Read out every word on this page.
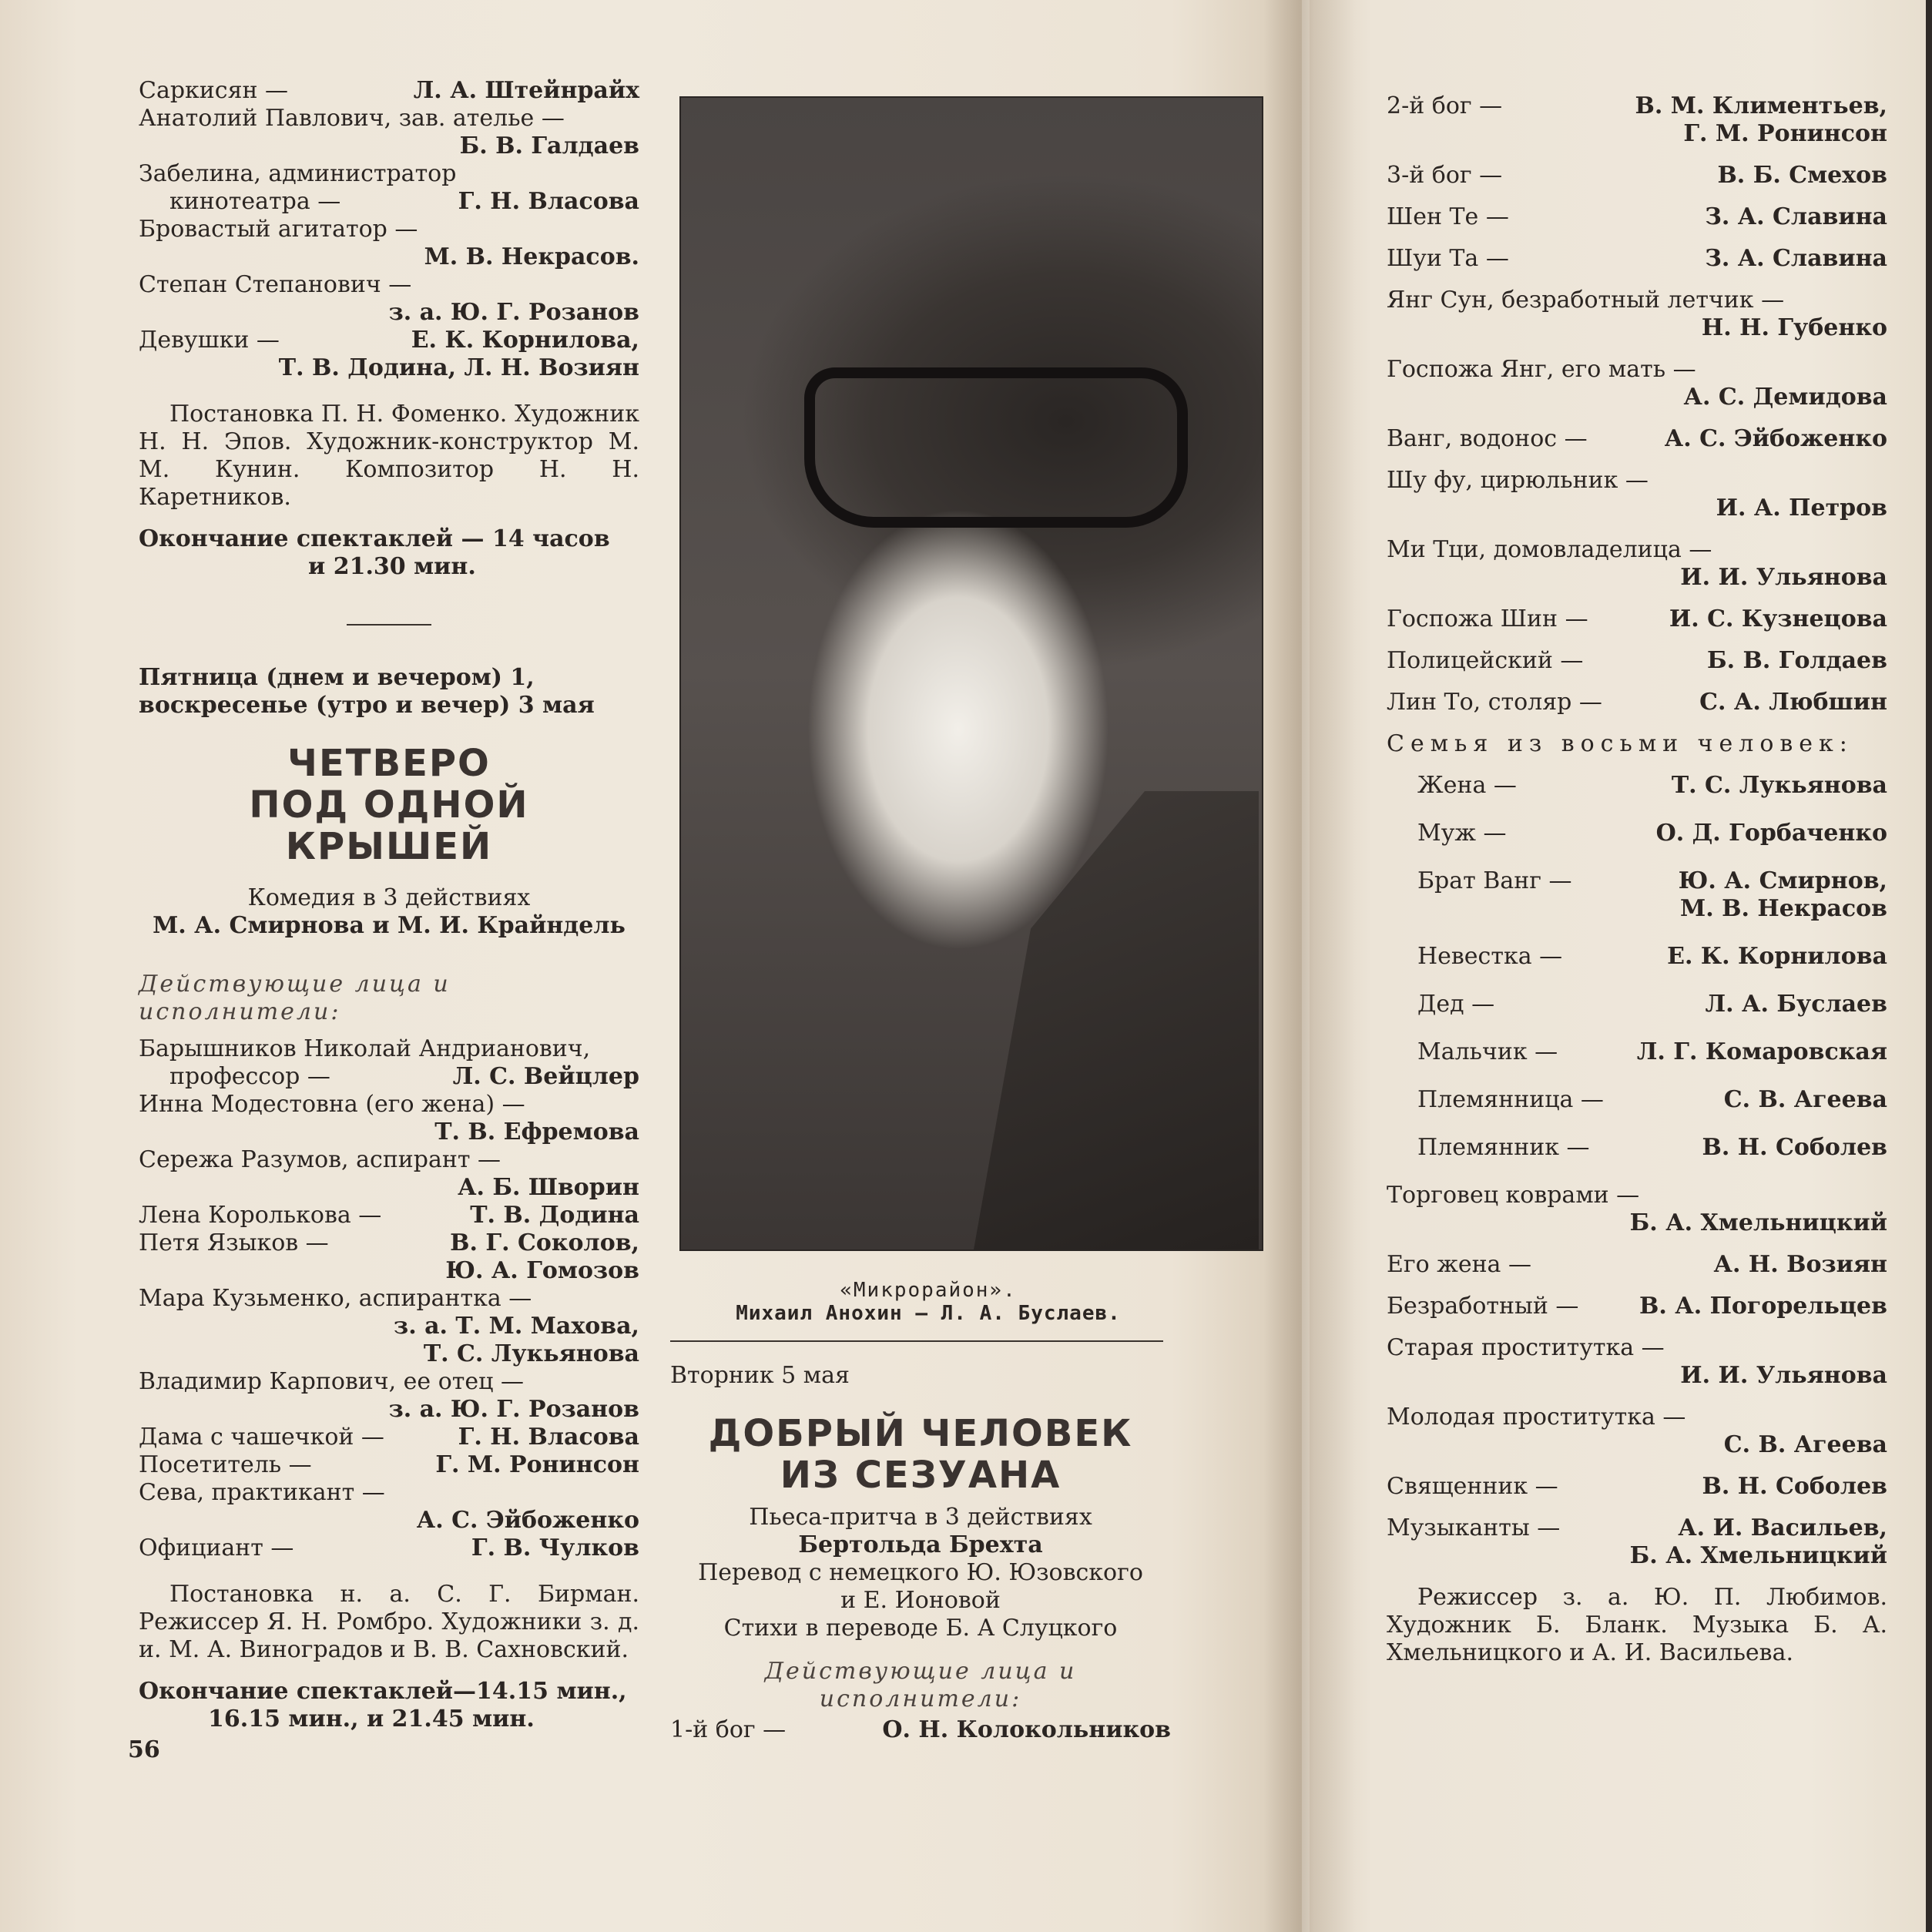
Саркисян —	Л. А. Штейнрайх
Анатолий Павлович, зав. ателье —
Б. В. Галдаев
Забелина, администратор
кинотеатра —	Г. Н. Власова
Бровастый агитатор —
М. В. Некрасов.
Степан Степанович —
з. а. Ю. Г. Розанов
Девушки —	Е. К. Корнилова,
Т. В. Додина, Л. Н. Возиян
Постановка П. Н. Фоменко. Художник Н. Н. Эпов. Художник-конструктор М. М. Кунин. Композитор Н. Н. Каретников.
Окончание спектаклей — 14 часов
и 21.30 мин.
Пятница (днем и вечером) 1, воскресенье (утро и вечер) 3 мая
ЧЕТВЕРО
ПОД ОДНОЙ КРЫШЕЙ
Комедия в 3 действиях
М. А. Смирнова и М. И. Крайндель
Действующие лица и исполнители:
Барышников Николай Андрианович,
профессор —	Л. С. Вейцлер
Инна Модестовна (его жена) —
Т. В. Ефремова
Сережа Разумов, аспирант —
А. Б. Шворин
Лена Королькова —	Т. В. Додина
Петя Языков —	В. Г. Соколов,
Ю. А. Гомозов
Мара Кузьменко, аспирантка —
з. а. Т. М. Махова,
Т. С. Лукьянова
Владимир Карпович, ее отец —
з. а. Ю. Г. Розанов
Дама с чашечкой —	Г. Н. Власова
Посетитель —	Г. М. Ронинсон
Сева, практикант —
А. С. Эйбоженко
Официант —	Г. В. Чулков
Постановка н. а. С. Г. Бирман. Режиссер Я. Н. Ромбро. Художники з. д. и. М. А. Виноградов и В. В. Сахновский.
Окончание спектаклей—14.15 мин.,
16.15 мин., и 21.45 мин.
56
«Микрорайон».
Михаил Анохин — Л. А. Буслаев.
Вторник 5 мая
ДОБРЫЙ ЧЕЛОВЕК
ИЗ СЕЗУАНА
Пьеса-притча в 3 действиях
Бертольда Брехта
Перевод с немецкого Ю. Юзовского
и Е. Ионовой
Стихи в переводе Б. А Слуцкого
Действующие лица и исполнители:
1-й бог —	О. Н. Колокольников
2-й бог —	В. М. Климентьев,
Г. М. Ронинсон
3-й бог —	В. Б. Смехов
Шен Те —	З. А. Славина
Шуи Та —	З. А. Славина
Янг Сун, безработный летчик —
Н. Н. Губенко
Госпожа Янг, его мать —
А. С. Демидова
Ванг, водонос —	А. С. Эйбоженко
Шу фу, цирюльник —
И. А. Петров
Ми Тци, домовладелица —
И. И. Ульянова
Госпожа Шин —	И. С. Кузнецова
Полицейский —	Б. В. Голдаев
Лин То, столяр —	С. А. Любшин
Семья из восьми человек:
Жена —	Т. С. Лукьянова
Муж —	О. Д. Горбаченко
Брат Ванг —	Ю. А. Смирнов,
М. В. Некрасов
Невестка —	Е. К. Корнилова
Дед —	Л. А. Буслаев
Мальчик —	Л. Г. Комаровская
Племянница —	С. В. Агеева
Племянник —	В. Н. Соболев
Торговец коврами —
Б. А. Хмельницкий
Его жена —	А. Н. Возиян
Безработный —	В. А. Погорельцев
Старая проститутка —
И. И. Ульянова
Молодая проститутка —
С. В. Агеева
Священник —	В. Н. Соболев
Музыканты —	А. И. Васильев,
Б. А. Хмельницкий
Режиссер з. а. Ю. П. Любимов. Художник Б. Бланк. Музыка Б. А. Хмельницкого и А. И. Васильева.
